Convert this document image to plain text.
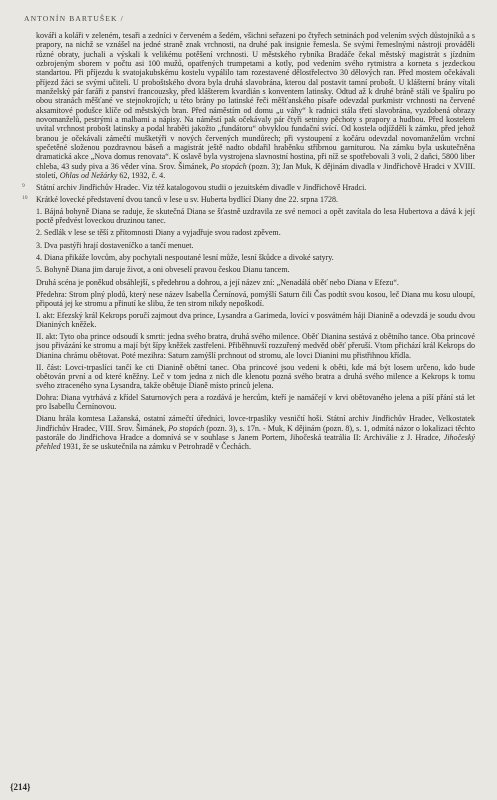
ANTONÍN BARTUŠEK /

kováři a koláři v zeleném, tesaři a zedníci v červeném a šedém, všichni seřazeni po čtyřech setninách pod velením svých důstojníků a s prapory, na nichž se vznášel na jedné straně znak vrchnosti, na druhé pak insignie řemesla. Se svými řemeslnými nástroji prováděli různé obraty, juchali a výskali k velikému potěšení vrchnosti. U městského rybníka Bradáče čekal městský magistrát s jízdním ozbrojeným sborem v počtu asi 100 mužů, opatřených trumpetami a kotly, pod vedením svého rytmistra a korneta s jezdeckou standartou. Při příjezdu k svatojakubskému kostelu vypálilo tam rozestavené dělostřelectvo 30 dělových ran. Před mostem očekávali příjezd žáci se svými učiteli. U proboštského dvora byla druhá slavobrána, kterou dal postavit tamní probošt. U klášterní brány vítali manželský pár faráři z panství francouzsky, před klášterem kvardián s konventem latinsky. Odtud až k druhé bráně stáli ve špalíru po obou stranách měšťané ve stejnokrojích; u této brány po latinské řeči měšťanského písaře odevzdal purkmistr vrchnosti na červené aksamitové podušce klíče od městských bran. Před náměstím od domu „u váhy“ k radnici stála třetí slavobrána, vyzdobená obrazy novomanželů, pestrými a malbami a nápisy. Na náměstí pak očekávaly pár čtyři setniny pěchoty s prapory a hudbou. Před kostelem uvítal vrchnost probošt latinsky a podal hraběti jakožto „fundátoru“ obvyklou fundační svící. Od kostela odjíždělí k zámku, před jehož branou je očekávali zámečtí mušketýři v nových červených mundůrech; při vystoupení z kočáru odevzdal novomanželům vrchní spečetěné složenou pozdravnou báseň a magistrát ještě nadto obdařil hraběnku stříbrnou garniturou. Na zámku byla uskutečněna dramatická akce „Nova domus renovata“. K oslavě byla vystrojena slavnostní hostina, při níž se spotřebovali 3 voli, 2 daňci, 5800 liber chleba, 43 sudy piva a 36 věder vína. Srov. Šimánek, Po stopách (pozn. 3); Jan Muk, K dějinám divadla v Jindřichově Hradci v XVIII. století, Ohlas od Nežárky 62, 1932, č. 4.

9 Státní archiv Jindřichův Hradec. Viz též katalogovou studii o jezuitském divadle v Jindřichově Hradci.

10 Krátké lovecké představení dvou tanců v lese u sv. Huberta bydlící Diany dne 22. srpna 1728.

1. Bájná bohyně Diana se raduje, že skutečná Diana se šťastně uzdravila ze své nemoci a opět zavítala do lesa Hubertova a dává k její poctě předvést loveckou druzinou tanec.

2. Sedlák v lese se těší z přítomnosti Diany a vyjadřuje svou radost zpěvem.

3. Dva pastýři hrají dostaveníčko a tančí menuet.

4. Diana přikáže lovcům, aby pochytali nespoutané lesní může, lesní škůdce a divoké satyry.

5. Bohyně Diana jim daruje život, a oni obveselí pravou českou Dianu tancem.

Druhá scéna je poněkud obsáhlejší, s předehrou a dohrou, a její název zní: „Nenadálá oběť nebo Diana v Efezu“.

Předehra: Strom plný plodů, který nese název Isabella Černínová, pomýšlí Saturn čili Čas podtít svou kosou, leč Diana mu kosu uloupí, připoutá jej ke stromu a přinutí ke slibu, že ten strom nikdy nepoškodí.

I. akt: Efezský král Kekrops poručí zajmout dva prince, Lysandra a Garimeda, lovící v posvátném háji Dianině a odevzdá je soudu dvou Dianiných kněžek.

II. akt: Tyto oba prince odsoudí k smrti: jedna svého bratra, druhá svého milence. Oběť Dianina sestává z obětního tance. Oba princové jsou přivázání ke stromu a mají být šípy kněžek zastřeleni. Přiběhnuvší rozzuřený medvěd oběť přeruší. Vtom přichází král Kekrops do Dianina chrámu obětovat. Poté mezihra: Saturn zamýšlí prchnout od stromu, ale lovci Dianini mu přistřihnou křídla.

II. část: Lovci-trpaslíci tančí ke cti Dianině obětní tanec. Oba princové jsou vedeni k oběti, kde má být losem určeno, kdo bude obětován první a od které kněžny. Leč v tom jedna z nich dle klenotu pozná svého bratra a druhá svého milence a Kekrops k tomu svého ztraceného syna Lysandra, takže obětuje Dianě místo princů jelena.

Dohra: Diana vytrhává z křídel Saturnových pera a rozdává je hercům, kteří je namáčejí v krvi obětovaného jelena a píší přání stá let pro Isabellu Černínovou.

Dianu hrála komtesa Lažanská, ostatní zámečtí úředníci, lovce-trpaslíky vesničtí hoši. Státní archiv Jindřichův Hradec, Velkostatek Jindřichův Hradec, VIII. Srov. Šimánek, Po stopách (pozn. 3), s. 17n. - Muk, K dějinám (pozn. 8), s. 1, odmítá názor o lokalizaci těchto pastorále do Jindřichova Hradce a domnívá se v souhlase s Janem Portem, Jihočeská teatrália II: Archiválie z J. Hradce, Jihočeský přehled 1931, že se uskutečnila na zámku v Petrohradě v Čechách.

{214}
